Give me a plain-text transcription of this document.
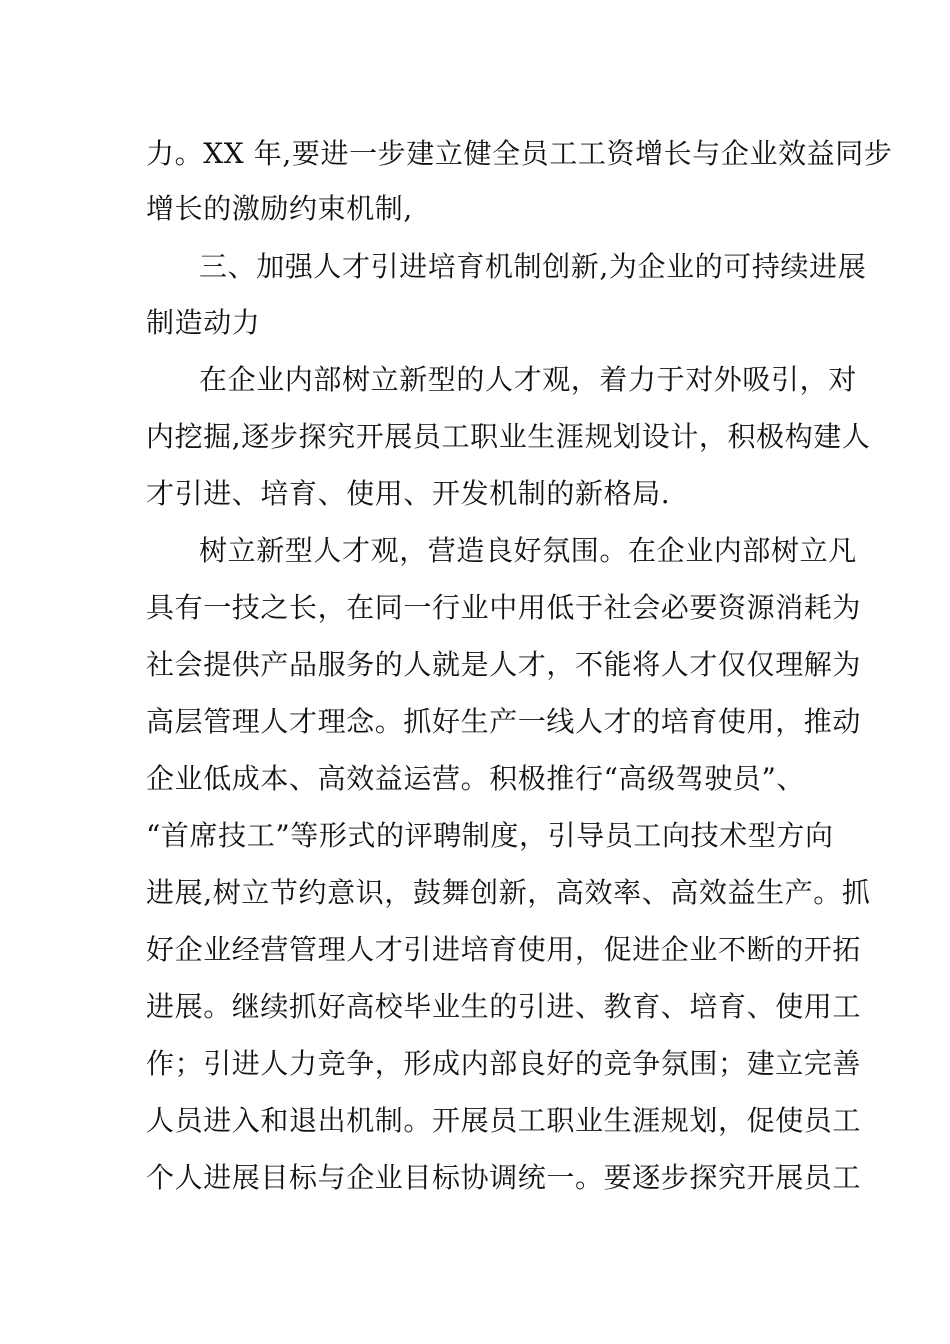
力。XX 年,要进一步建立健全员工工资增长与企业效益同步
增长的激励约束机制,
三、加强人才引进培育机制创新,为企业的可持续进展
制造动力
在企业内部树立新型的人才观，着力于对外吸引，对
内挖掘,逐步探究开展员工职业生涯规划设计，积极构建人
才引进、培育、使用、开发机制的新格局.
树立新型人才观，营造良好氛围。在企业内部树立凡
具有一技之长，在同一行业中用低于社会必要资源消耗为
社会提供产品服务的人就是人才，不能将人才仅仅理解为
高层管理人才理念。抓好生产一线人才的培育使用，推动
企业低成本、高效益运营。积极推行“高级驾驶员”、
“首席技工”等形式的评聘制度，引导员工向技术型方向
进展,树立节约意识，鼓舞创新，高效率、高效益生产。抓
好企业经营管理人才引进培育使用，促进企业不断的开拓
进展。继续抓好高校毕业生的引进、教育、培育、使用工
作；引进人力竞争，形成内部良好的竞争氛围；建立完善
人员进入和退出机制。开展员工职业生涯规划，促使员工
个人进展目标与企业目标协调统一。要逐步探究开展员工
